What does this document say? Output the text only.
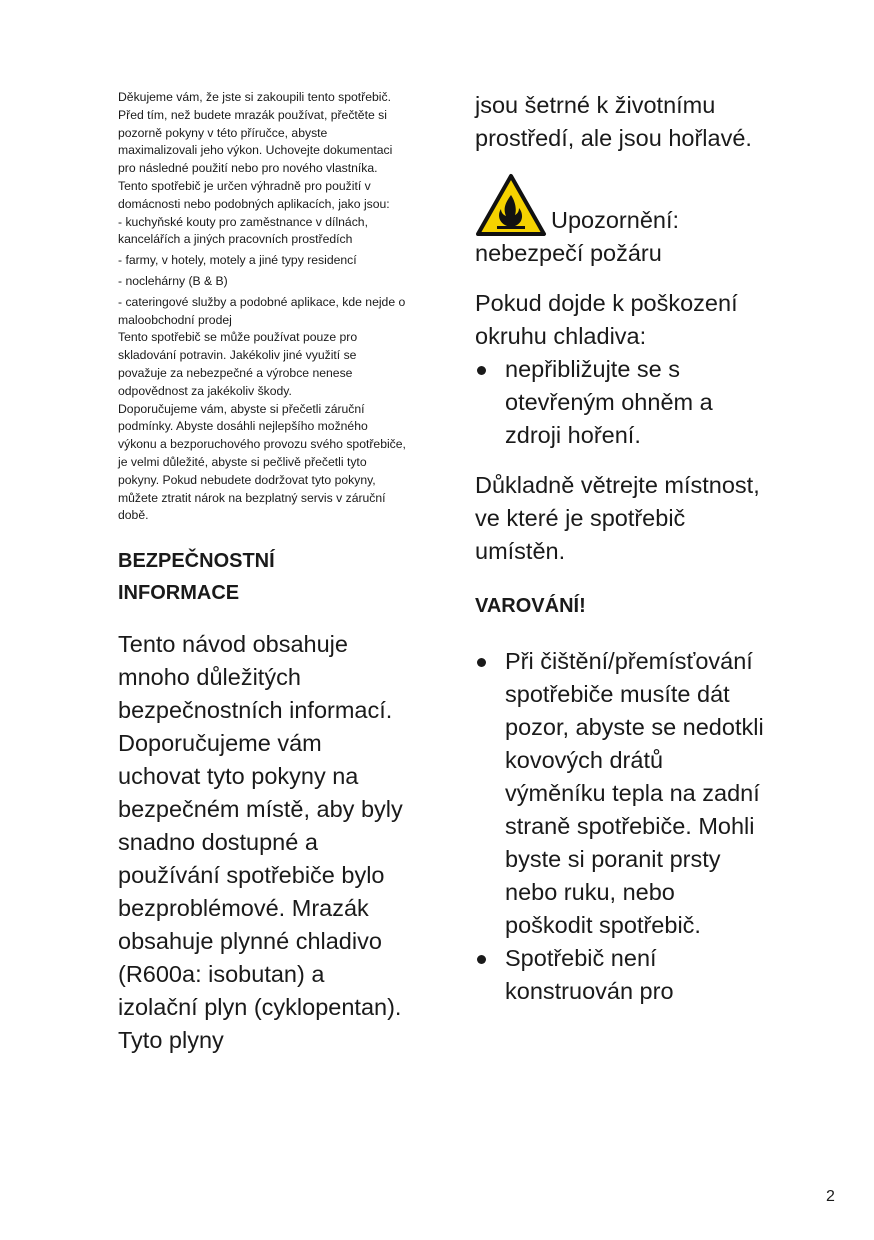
Děkujeme vám, že jste si zakoupili tento spotřebič.

Před tím, než budete mrazák používat, přečtěte si pozorně pokyny v této příručce, abyste maximalizovali jeho výkon. Uchovejte dokumentaci pro následné použití nebo pro nového vlastníka. Tento spotřebič je určen výhradně pro použití v domácnosti nebo podobných aplikacích, jako jsou:

- kuchyňské kouty pro zaměstnance v dílnách, kancelářích a jiných pracovních prostředích

- farmy, v hotely, motely a jiné typy residencí

- noclehárny (B & B)

- cateringové služby a podobné aplikace, kde nejde o maloobchodní prodej

Tento spotřebič se může používat pouze pro skladování potravin. Jakékoliv jiné využití se považuje za nebezpečné a výrobce nenese odpovědnost za jakékoliv škody.

Doporučujeme vám, abyste si přečetli záruční podmínky. Abyste dosáhli nejlepšího možného výkonu a bezporuchového provozu svého spotřebiče, je velmi důležité, abyste si pečlivě přečetli tyto pokyny. Pokud nebudete dodržovat tyto pokyny, můžete ztratit nárok na bezplatný servis v záruční době.

BEZPEČNOSTNÍ INFORMACE

Tento návod obsahuje mnoho důležitých bezpečnostních informací. Doporučujeme vám uchovat tyto pokyny na bezpečném místě, aby byly snadno dostupné a používání spotřebiče bylo bezproblémové. Mrazák obsahuje plynné chladivo (R600a: isobutan) a izolační plyn (cyklopentan). Tyto plyny

jsou šetrné k životnímu prostředí, ale jsou hořlavé.

Upozornění: nebezpečí požáru

Pokud dojde k poškození okruhu chladiva:

nepřibližujte se s otevřeným ohněm a zdroji hoření.

Důkladně větrejte místnost, ve které je spotřebič umístěn.

VAROVÁNÍ!
Při čištění/přemísťování spotřebiče musíte dát pozor, abyste se nedotkli kovových drátů výměníku tepla na zadní straně spotřebiče. Mohli byste si poranit prsty nebo ruku, nebo poškodit spotřebič.
Spotřebič není konstruován pro
2
